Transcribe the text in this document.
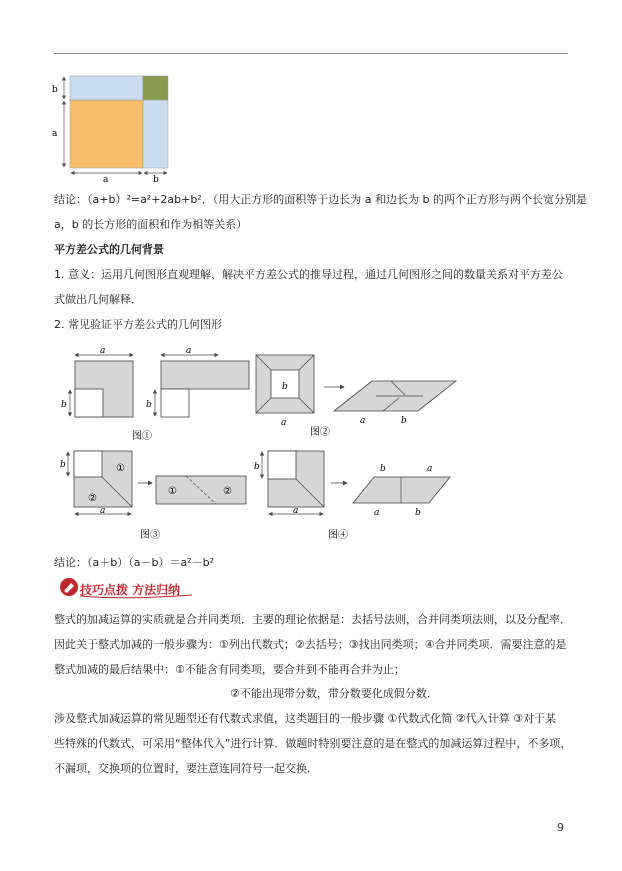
b
a
a	b
结论：（a+b）²=a²+2ab+b²．（用大正方形的面积等于边长为 a 和边长为 b 的两个正方形与两个长宽分别是
a，b 的长方形的面积和作为相等关系）
平方差公式的几何背景
1. 意义：运用几何图形直观理解、解决平方差公式的推导过程，通过几何图形之间的数量关系对平方差公
式做出几何解释．
2. 常见验证平方差公式的几何图形
a
b
a
b
图①
b
a	a	b
图②
①
②
b
a
①	②
图③
b
a
b	a
a	b
图④
结论：（a＋b）（a－b）＝a²－b²
技巧点拨 方法归纳
整式的加减运算的实质就是合并同类项．主要的理论依据是：去括号法则，合并同类项法则，以及分配率．
因此关于整式加减的一般步骤为：①列出代数式；②去括号；③找出同类项；④合并同类项．需要注意的是
整式加减的最后结果中：①不能含有同类项，要合并到不能再合并为止；
②不能出现带分数，带分数要化成假分数．
涉及整式加减运算的常见题型还有代数式求值，这类题目的一般步骤 ①代数式化简 ②代入计算 ③对于某
些特殊的代数式，可采用“整体代入”进行计算．做题时特别要注意的是在整式的加减运算过程中，不多项，
不漏项，交换项的位置时，要注意连同符号一起交换．
9
